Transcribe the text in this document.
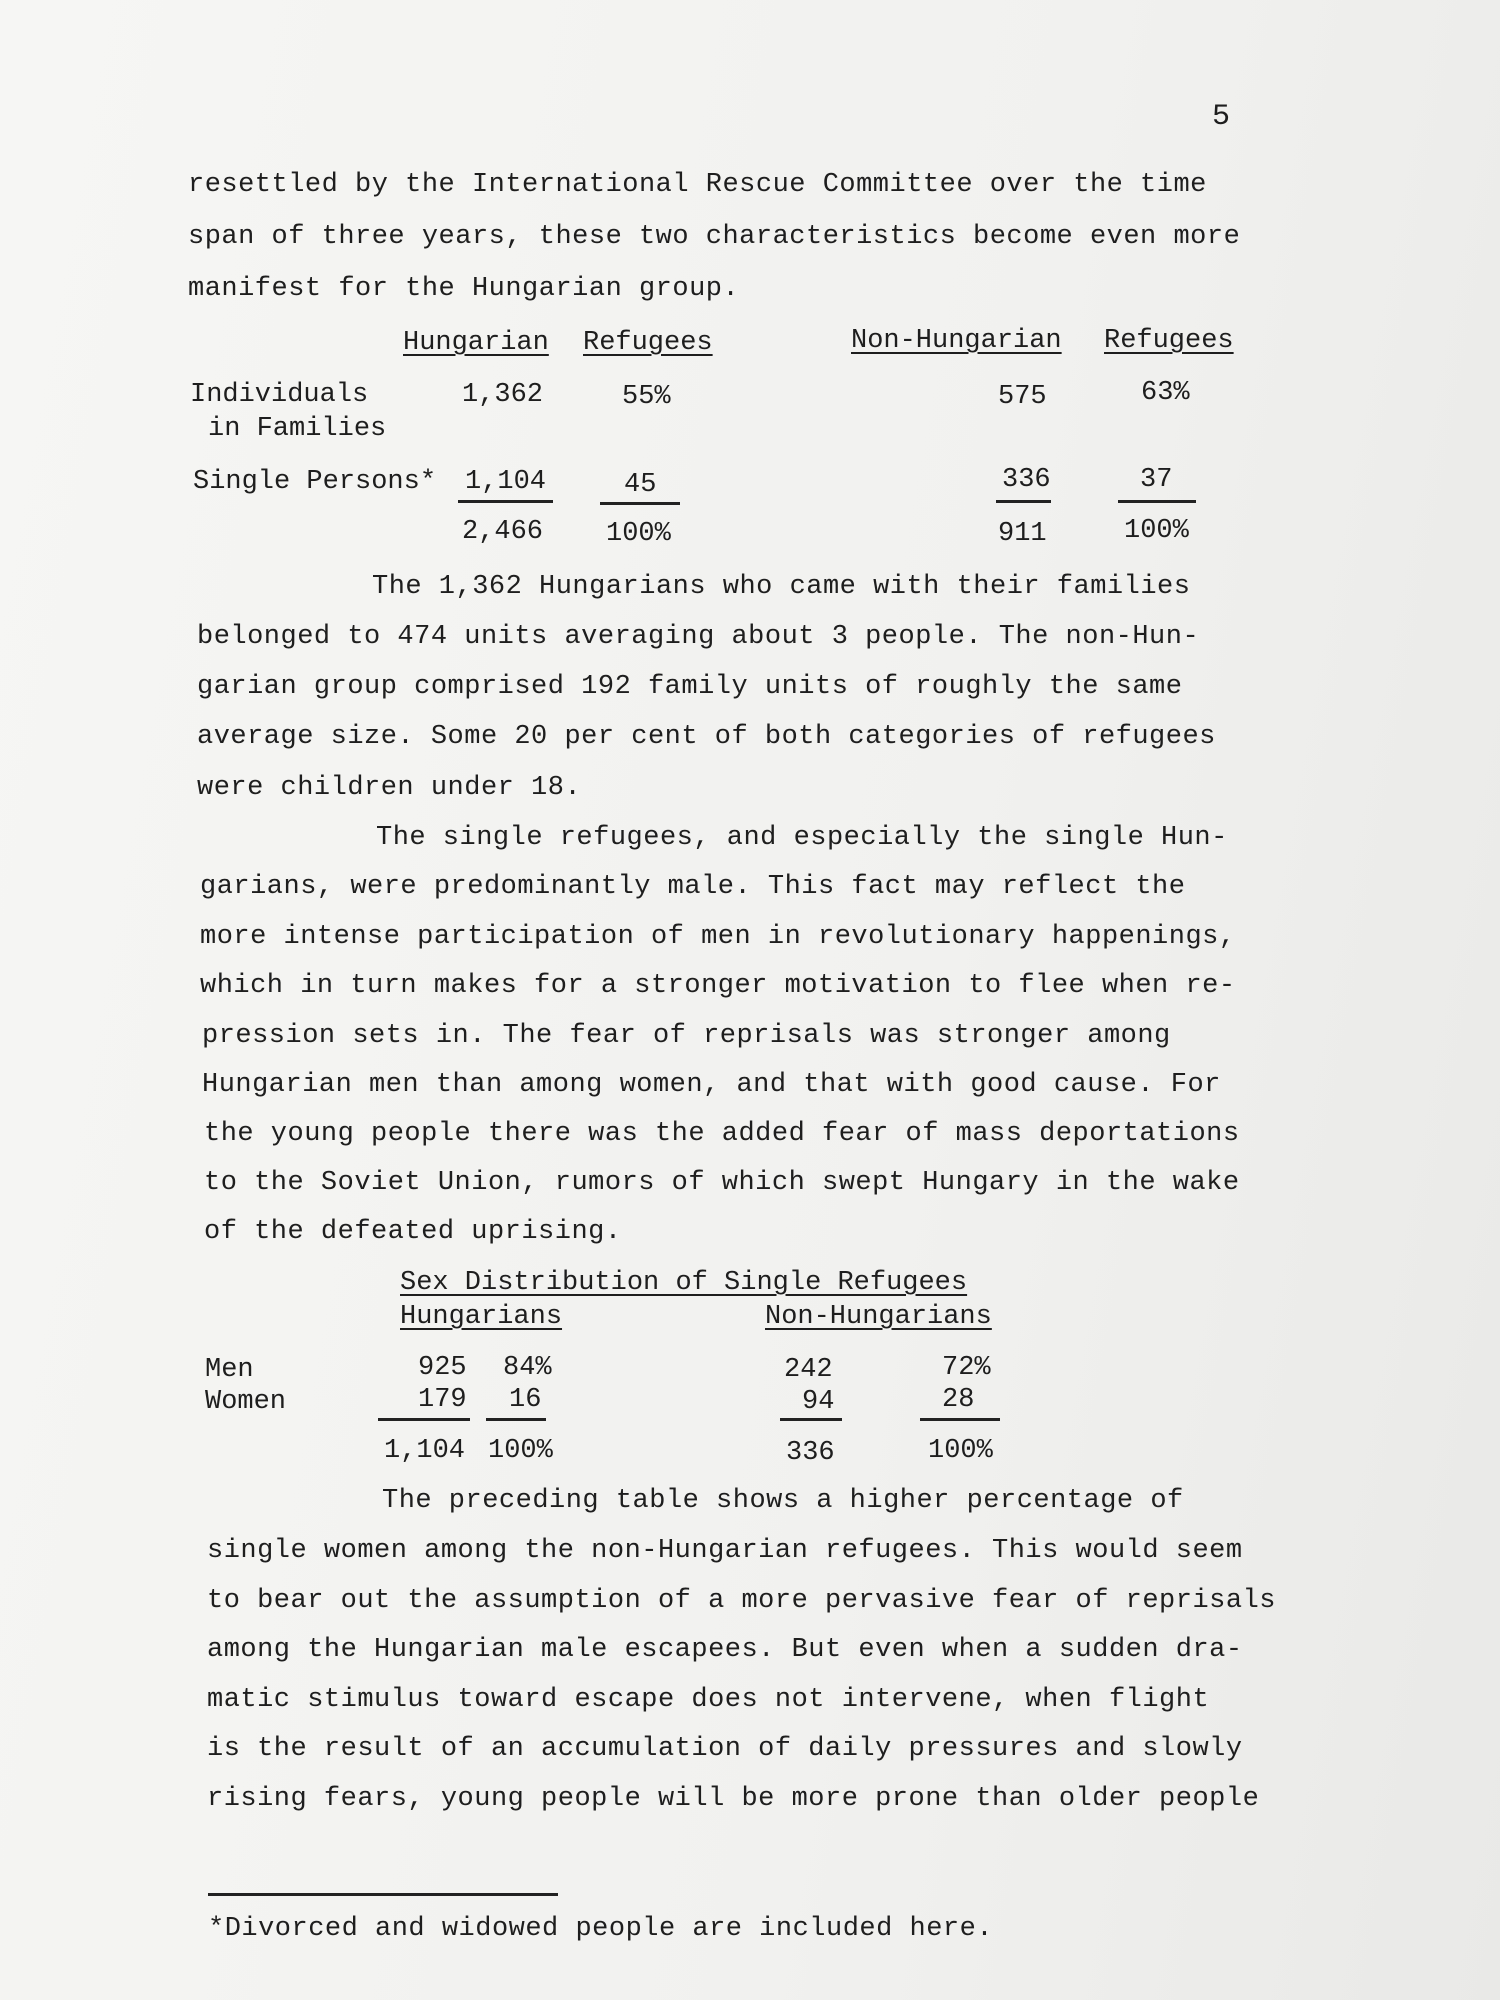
5
resettled by the International Rescue Committee over the time
span of three years, these two characteristics become even more
manifest for the Hungarian group.
Hungarian Refugees	Non-Hungarian Refugees
Individuals
in Families
1,362	55%	575	63%
Single Persons* 1,104	45	336	37
2,466 100%	911	100%
The 1,362 Hungarians who came with their families
belonged to 474 units averaging about 3 people. The non-Hun-
garian group comprised 192 family units of roughly the same
average size. Some 20 per cent of both categories of refugees
were children under 18.
The single refugees, and especially the single Hun-
garians, were predominantly male. This fact may reflect the
more intense participation of men in revolutionary happenings,
which in turn makes for a stronger motivation to flee when re-
pression sets in. The fear of reprisals was stronger among
Hungarian men than among women, and that with good cause. For
the young people there was the added fear of mass deportations
to the Soviet Union, rumors of which swept Hungary in the wake
of the defeated uprising.
Sex Distribution of Single Refugees
Hungarians	Non-Hungarians
Men	925 84%	242	72%
Women	179 16	94	28
1,104 100%	336	100%
The preceding table shows a higher percentage of
single women among the non-Hungarian refugees. This would seem
to bear out the assumption of a more pervasive fear of reprisals
among the Hungarian male escapees. But even when a sudden dra-
matic stimulus toward escape does not intervene, when flight
is the result of an accumulation of daily pressures and slowly
rising fears, young people will be more prone than older people
*Divorced and widowed people are included here.
